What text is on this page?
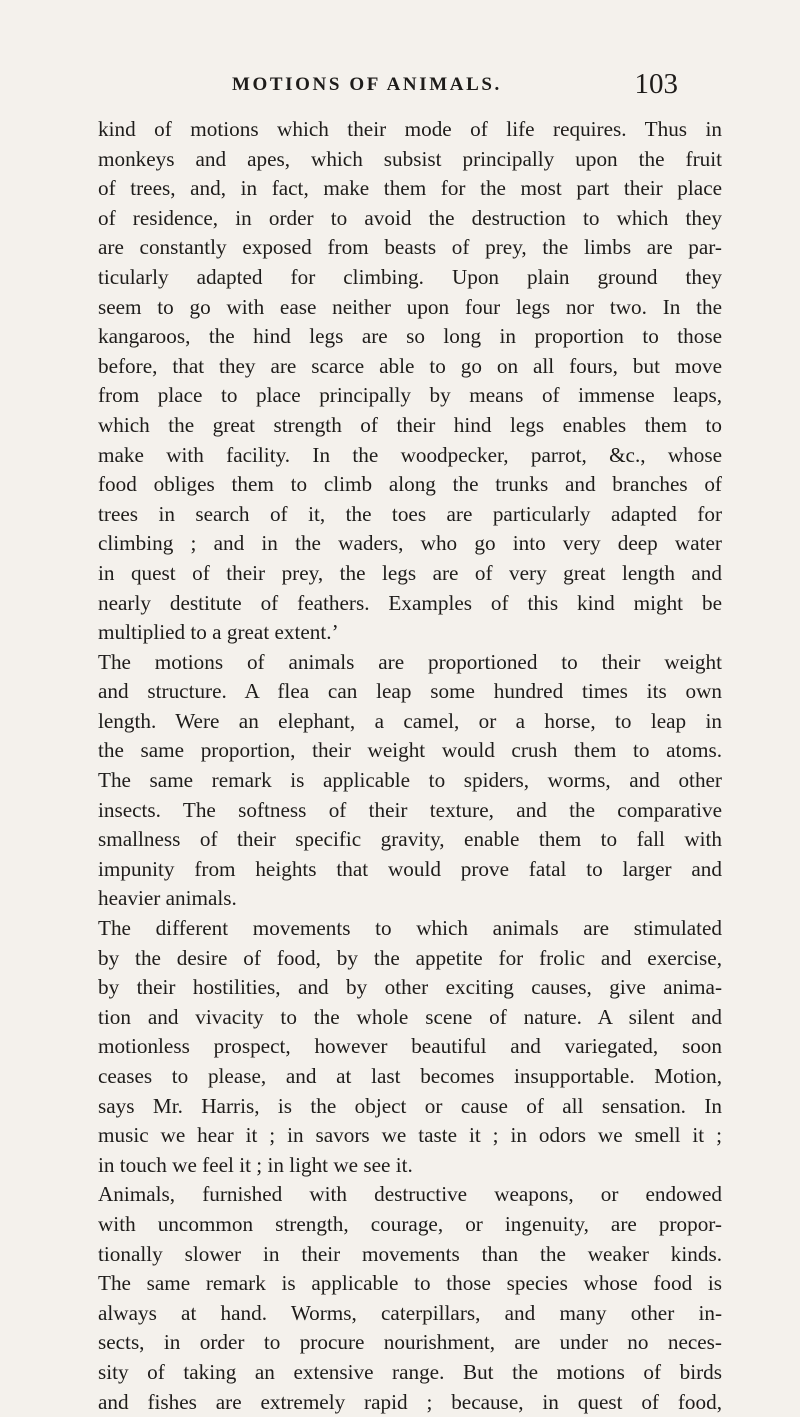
MOTIONS OF ANIMALS.	103
kind of motions which their mode of life requires. Thus in
monkeys and apes, which subsist principally upon the fruit
of trees, and, in fact, make them for the most part their place
of residence, in order to avoid the destruction to which they
are constantly exposed from beasts of prey, the limbs are par-
ticularly adapted for climbing. Upon plain ground they
seem to go with ease neither upon four legs nor two. In the
kangaroos, the hind legs are so long in proportion to those
before, that they are scarce able to go on all fours, but move
from place to place principally by means of immense leaps,
which the great strength of their hind legs enables them to
make with facility. In the woodpecker, parrot, &c., whose
food obliges them to climb along the trunks and branches of
trees in search of it, the toes are particularly adapted for
climbing ; and in the waders, who go into very deep water
in quest of their prey, the legs are of very great length and
nearly destitute of feathers. Examples of this kind might be
multiplied to a great extent.’
The motions of animals are proportioned to their weight
and structure. A flea can leap some hundred times its own
length. Were an elephant, a camel, or a horse, to leap in
the same proportion, their weight would crush them to atoms.
The same remark is applicable to spiders, worms, and other
insects. The softness of their texture, and the comparative
smallness of their specific gravity, enable them to fall with
impunity from heights that would prove fatal to larger and
heavier animals.
The different movements to which animals are stimulated
by the desire of food, by the appetite for frolic and exercise,
by their hostilities, and by other exciting causes, give anima-
tion and vivacity to the whole scene of nature. A silent and
motionless prospect, however beautiful and variegated, soon
ceases to please, and at last becomes insupportable. Motion,
says Mr. Harris, is the object or cause of all sensation. In
music we hear it ; in savors we taste it ; in odors we smell it ;
in touch we feel it ; in light we see it.
Animals, furnished with destructive weapons, or endowed
with uncommon strength, courage, or ingenuity, are propor-
tionally slower in their movements than the weaker kinds.
The same remark is applicable to those species whose food is
always at hand. Worms, caterpillars, and many other in-
sects, in order to procure nourishment, are under no neces-
sity of taking an extensive range. But the motions of birds
and fishes are extremely rapid ; because, in quest of food,
